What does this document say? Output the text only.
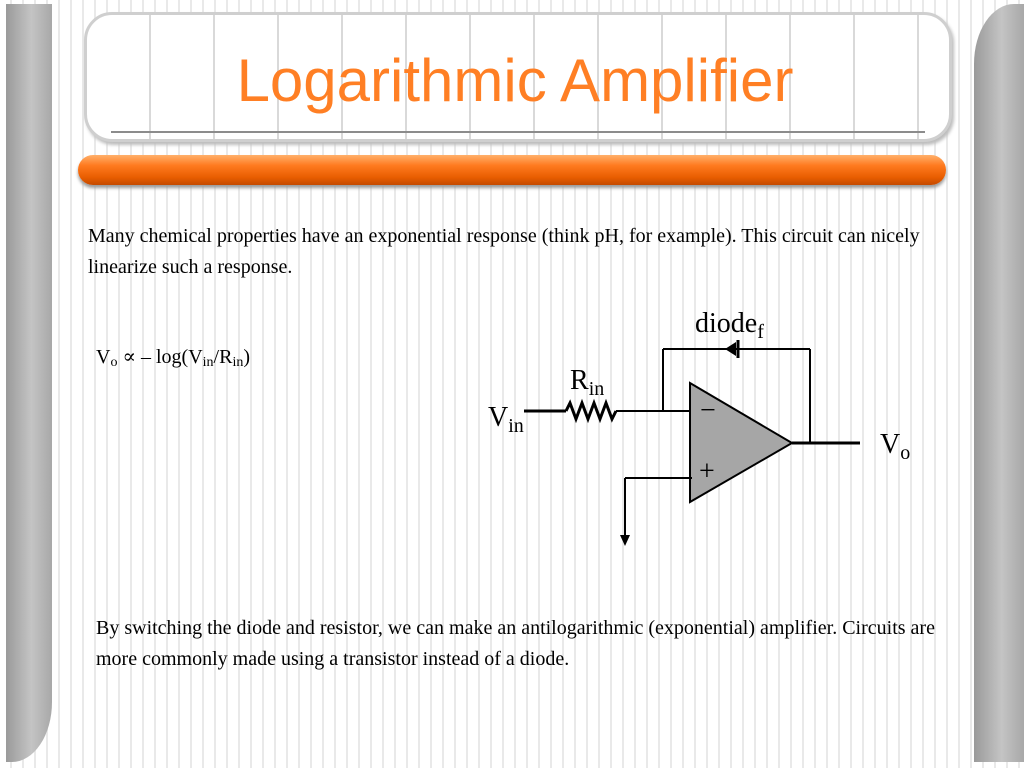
Logarithmic Amplifier

Many chemical properties have an exponential response (think pH, for example). This circuit can nicely linearize such a response.

$V_o$ ∝ – $\log(V_{in}/R_{in})$
diode$_f$
$R_{in}$
$V_{in}$
$V_o$
−
+

By switching the diode and resistor, we can make an antilogarithmic (exponential) amplifier. Circuits are more commonly made using a transistor instead of a diode.
